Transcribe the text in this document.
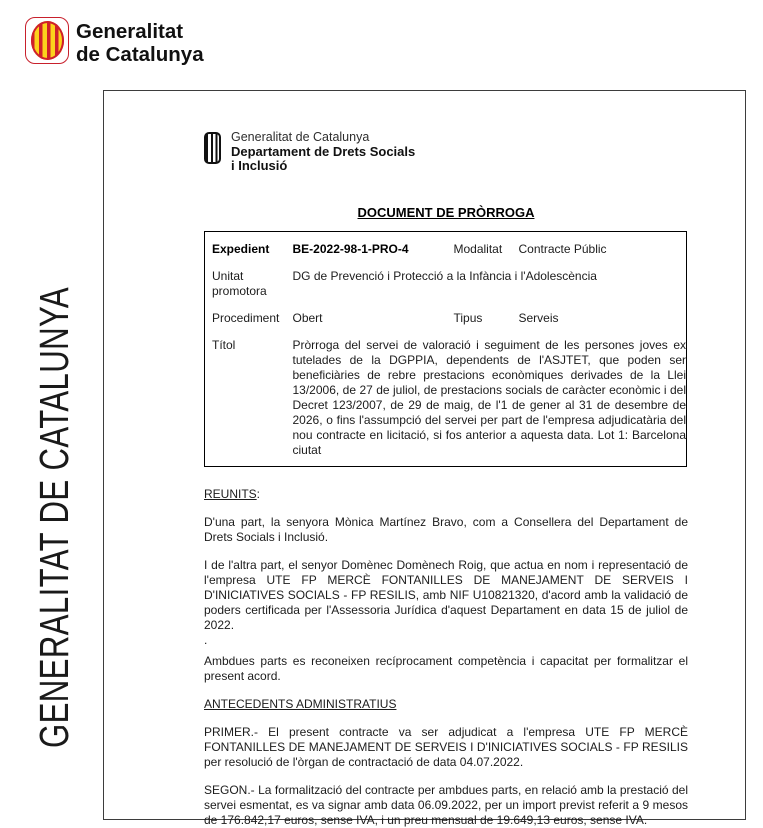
Generalitat
de Catalunya
GENERALITAT DE CATALUNYA
Generalitat de Catalunya
Departament de Drets Socials
i Inclusió
DOCUMENT DE PRÒRROGA
Expedient	BE-2022-98-1-PRO-4	Modalitat	Contracte Públic
Unitat promotora	DG de Prevenció i Protecció a la Infància i l'Adolescència		
Procediment	Obert	Tipus	Serveis
Títol	Pròrroga del servei de valoració i seguiment de les persones joves ex tutelades de la DGPPIA, dependents de l'ASJTET, que poden ser beneficiàries de rebre prestacions econòmiques derivades de la Llei 13/2006, de 27 de juliol, de prestacions socials de caràcter econòmic i del Decret 123/2007, de 29 de maig, de l'1 de gener al 31 de desembre de 2026, o fins l'assumpció del servei per part de l'empresa adjudicatària del nou contracte en licitació, si fos anterior a aquesta data. Lot 1: Barcelona ciutat		

REUNITS:

D'una part, la senyora Mònica Martínez Bravo, com a Consellera del Departament de Drets Socials i Inclusió.

I de l'altra part, el senyor Domènec Domènech Roig, que actua en nom i representació de l'empresa UTE FP MERCÈ FONTANILLES DE MANEJAMENT DE SERVEIS I D'INICIATIVES SOCIALS - FP RESILIS, amb NIF U10821320, d'acord amb la validació de poders certificada per l'Assessoria Jurídica d'aquest Departament en data 15 de juliol de 2022.

.

Ambdues parts es reconeixen recíprocament competència i capacitat per formalitzar el present acord.

ANTECEDENTS ADMINISTRATIUS

PRIMER.- El present contracte va ser adjudicat a l'empresa UTE FP MERCÈ FONTANILLES DE MANEJAMENT DE SERVEIS I D'INICIATIVES SOCIALS - FP RESILIS per resolució de l'òrgan de contractació de data 04.07.2022.

SEGON.- La formalització del contracte per ambdues parts, en relació amb la prestació del servei esmentat, es va signar amb data 06.09.2022, per un import previst referit a 9 mesos de 176.842,17 euros, sense IVA, i un preu mensual de 19.649,13 euros, sense IVA.
